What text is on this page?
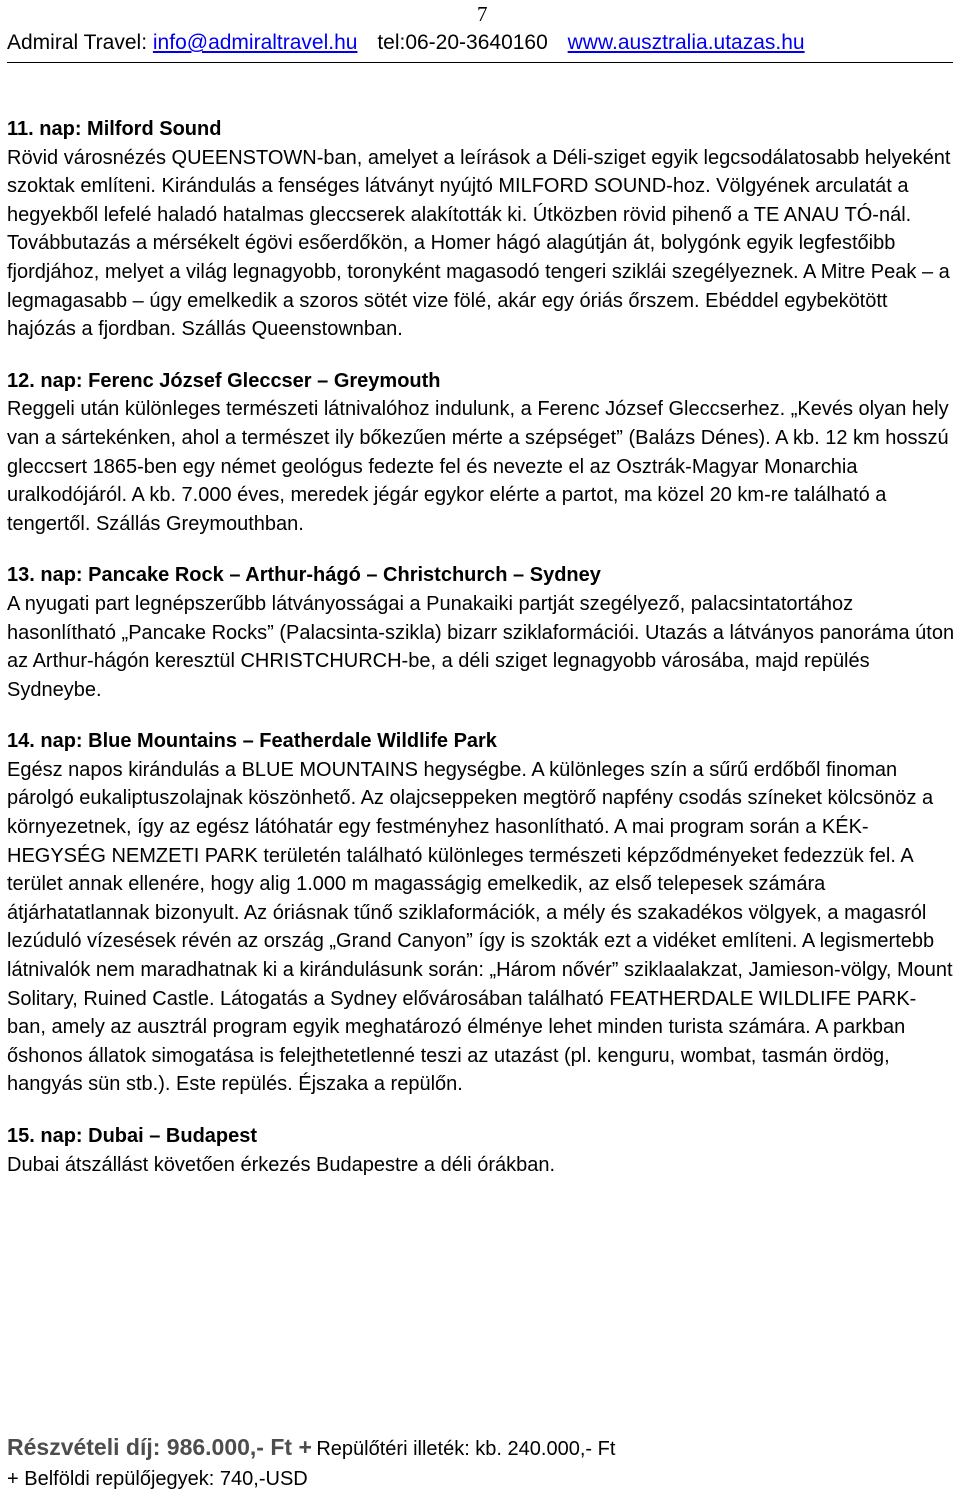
7
Admiral Travel: info@admiraltravel.hu tel:06-20-3640160 www.ausztralia.utazas.hu
11. nap: Milford Sound

Rövid városnézés QUEENSTOWN-ban, amelyet a leírások a Déli-sziget egyik legcsodálatosabb helyeként szoktak említeni. Kirándulás a fenséges látványt nyújtó MILFORD SOUND-hoz. Völgyének arculatát a hegyekből lefelé haladó hatalmas gleccserek alakították ki. Útközben rövid pihenő a TE ANAU TÓ-nál. Továbbutazás a mérsékelt égövi esőerdőkön, a Homer hágó alagútján át, bolygónk egyik legfestőibb fjordjához, melyet a világ legnagyobb, toronyként magasodó tengeri sziklái szegélyeznek. A Mitre Peak – a legmagasabb – úgy emelkedik a szoros sötét vize fölé, akár egy óriás őrszem. Ebéddel egybekötött hajózás a fjordban. Szállás Queenstownban.

12. nap: Ferenc József Gleccser – Greymouth

Reggeli után különleges természeti látnivalóhoz indulunk, a Ferenc József Gleccserhez. „Kevés olyan hely van a sártekénken, ahol a természet ily bőkezűen mérte a szépséget” (Balázs Dénes). A kb. 12 km hosszú gleccsert 1865-ben egy német geológus fedezte fel és nevezte el az Osztrák-Magyar Monarchia uralkodójáról. A kb. 7.000 éves, meredek jégár egykor elérte a partot, ma közel 20 km-re található a tengertől. Szállás Greymouthban.

13. nap: Pancake Rock – Arthur-hágó – Christchurch – Sydney

A nyugati part legnépszerűbb látványosságai a Punakaiki partját szegélyező, palacsintatortához hasonlítható „Pancake Rocks” (Palacsinta-szikla) bizarr sziklaformációi. Utazás a látványos panoráma úton az Arthur-hágón keresztül CHRISTCHURCH-be, a déli sziget legnagyobb városába, majd repülés Sydneybe.

14. nap: Blue Mountains – Featherdale Wildlife Park

Egész napos kirándulás a BLUE MOUNTAINS hegységbe. A különleges szín a sűrű erdőből finoman párolgó eukaliptuszolajnak köszönhető. Az olajcseppeken megtörő napfény csodás színeket kölcsönöz a környezetnek, így az egész látóhatár egy festményhez hasonlítható. A mai program során a KÉK-HEGYSÉG NEMZETI PARK területén található különleges természeti képződményeket fedezzük fel. A terület annak ellenére, hogy alig 1.000 m magasságig emelkedik, az első telepesek számára átjárhatatlannak bizonyult. Az óriásnak tűnő sziklaformációk, a mély és szakadékos völgyek, a magasról lezúduló vízesések révén az ország „Grand Canyon” így is szokták ezt a vidéket említeni. A legismertebb látnivalók nem maradhatnak ki a kirándulásunk során: „Három nővér” sziklaalakzat, Jamieson-völgy, Mount Solitary, Ruined Castle. Látogatás a Sydney elővárosában található FEATHERDALE WILDLIFE PARK-ban, amely az ausztrál program egyik meghatározó élménye lehet minden turista számára. A parkban őshonos állatok simogatása is felejthetetlenné teszi az utazást (pl. kenguru, wombat, tasmán ördög, hangyás sün stb.). Este repülés. Éjszaka a repülőn.

15. nap: Dubai – Budapest

Dubai átszállást követően érkezés Budapestre a déli órákban.

Részvételi díj: 986.000,- Ft + Repülőtéri illeték: kb. 240.000,- Ft
+ Belföldi repülőjegyek: 740,-USD
